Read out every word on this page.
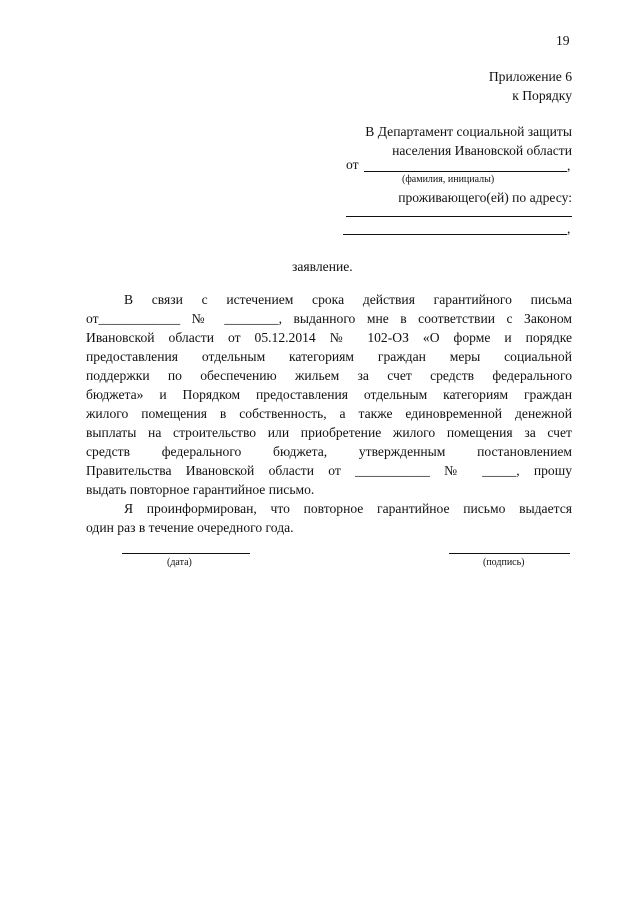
19
Приложение 6
к Порядку
В Департамент социальной защиты
населения Ивановской области
от	,
(фамилия, инициалы)
проживающего(ей) по адресу:
,
заявление.
В связи с истечением срока действия гарантийного письма
от____________ № ________, выданного мне в соответствии с Законом
Ивановской области от 05.12.2014 № 102-ОЗ «О форме и порядке
предоставления отдельным категориям граждан меры социальной
поддержки по обеспечению жильем за счет средств федерального
бюджета» и Порядком предоставления отдельным категориям граждан
жилого помещения в собственность, а также единовременной денежной
выплаты на строительство или приобретение жилого помещения за счет
средств федерального бюджета, утвержденным постановлением
Правительства Ивановской области от ___________ № _____, прошу
выдать повторное гарантийное письмо.
Я проинформирован, что повторное гарантийное письмо выдается
один раз в течение очередного года.
(дата)	(подпись)
